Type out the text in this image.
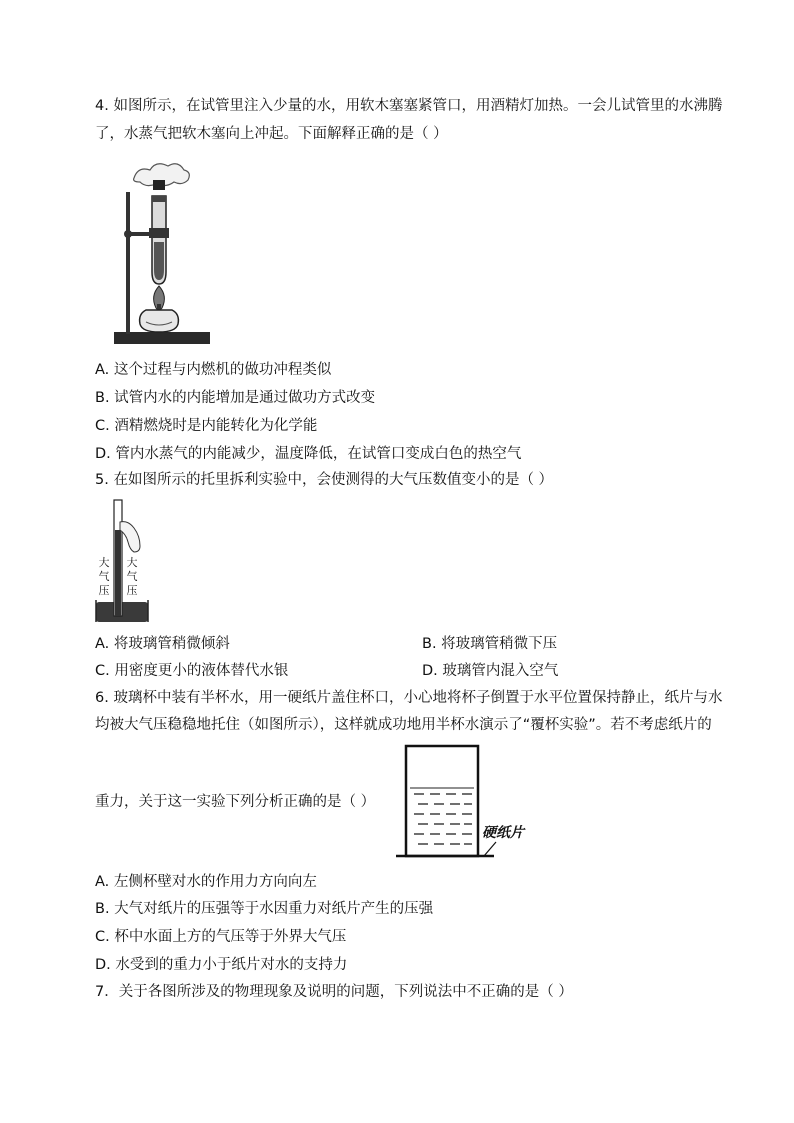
4. 如图所示，在试管里注入少量的水，用软木塞塞紧管口，用酒精灯加热。一会儿试管里的水沸腾
了，水蒸气把软木塞向上冲起。下面解释正确的是（ ）
A. 这个过程与内燃机的做功冲程类似
B. 试管内水的内能增加是通过做功方式改变
C. 酒精燃烧时是内能转化为化学能
D. 管内水蒸气的内能减少，温度降低，在试管口变成白色的热空气
5. 在如图所示的托里拆利实验中，会使测得的大气压数值变小的是（ ）
大气压
大气压
A. 将玻璃管稍微倾斜	B. 将玻璃管稍微下压
C. 用密度更小的液体替代水银	D. 玻璃管内混入空气
6. 玻璃杯中装有半杯水，用一硬纸片盖住杯口，小心地将杯子倒置于水平位置保持静止，纸片与水
均被大气压稳稳地托住（如图所示），这样就成功地用半杯水演示了“覆杯实验”。若不考虑纸片的
重力，关于这一实验下列分析正确的是（ ）
硬纸片
A. 左侧杯壁对水的作用力方向向左
B. 大气对纸片的压强等于水因重力对纸片产生的压强
C. 杯中水面上方的气压等于外界大气压
D. 水受到的重力小于纸片对水的支持力
7．关于各图所涉及的物理现象及说明的问题，下列说法中不正确的是（ ）
